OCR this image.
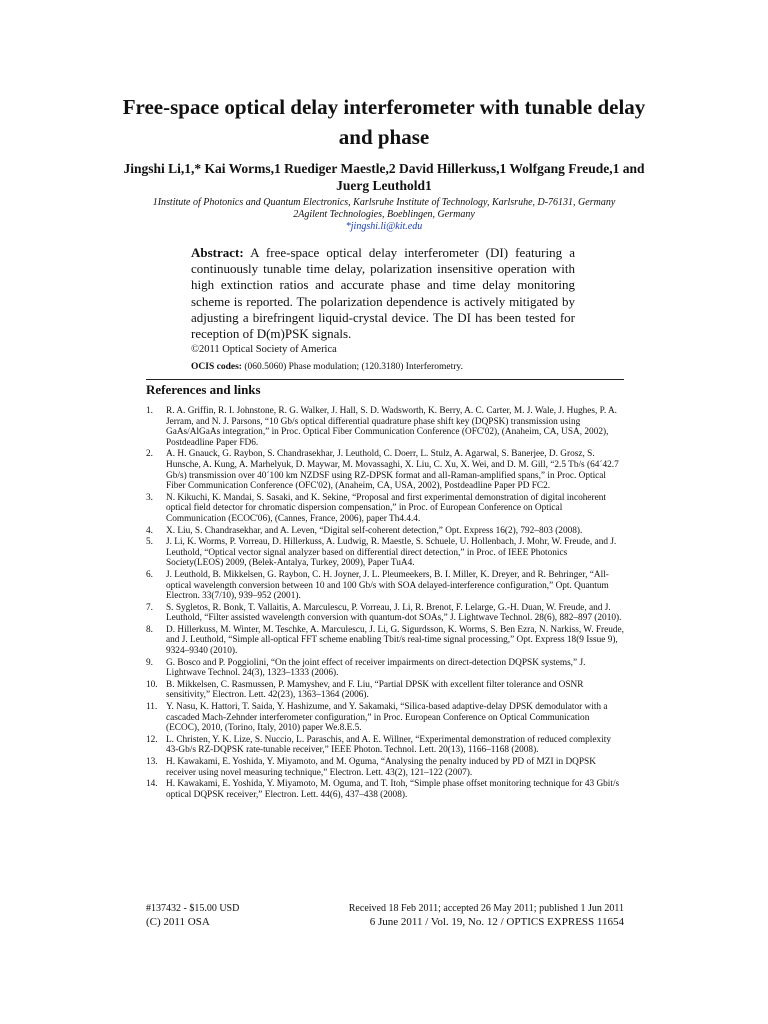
Free-space optical delay interferometer with tunable delay and phase
Jingshi Li,1,* Kai Worms,1 Ruediger Maestle,2 David Hillerkuss,1 Wolfgang Freude,1 and Juerg Leuthold1
1Institute of Photonics and Quantum Electronics, Karlsruhe Institute of Technology, Karlsruhe, D-76131, Germany
2Agilent Technologies, Boeblingen, Germany
*jingshi.li@kit.edu
Abstract: A free-space optical delay interferometer (DI) featuring a continuously tunable time delay, polarization insensitive operation with high extinction ratios and accurate phase and time delay monitoring scheme is reported. The polarization dependence is actively mitigated by adjusting a birefringent liquid-crystal device. The DI has been tested for reception of D(m)PSK signals.
©2011 Optical Society of America
OCIS codes: (060.5060) Phase modulation; (120.3180) Interferometry.
References and links
1.	R. A. Griffin, R. I. Johnstone, R. G. Walker, J. Hall, S. D. Wadsworth, K. Berry, A. C. Carter, M. J. Wale, J. Hughes, P. A. Jerram, and N. J. Parsons, “10 Gb/s optical differential quadrature phase shift key (DQPSK) transmission using GaAs/AlGaAs integration,” in Proc. Optical Fiber Communication Conference (OFC'02), (Anaheim, CA, USA, 2002), Postdeadline Paper FD6.
2.	A. H. Gnauck, G. Raybon, S. Chandrasekhar, J. Leuthold, C. Doerr, L. Stulz, A. Agarwal, S. Banerjee, D. Grosz, S. Hunsche, A. Kung, A. Marhelyuk, D. Maywar, M. Movassaghi, X. Liu, C. Xu, X. Wei, and D. M. Gill, “2.5 Tb/s (64´42.7 Gb/s) transmission over 40´100 km NZDSF using RZ-DPSK format and all-Raman-amplified spans,” in Proc. Optical Fiber Communication Conference (OFC'02), (Anaheim, CA, USA, 2002), Postdeadline Paper PD FC2.
3.	N. Kikuchi, K. Mandai, S. Sasaki, and K. Sekine, “Proposal and first experimental demonstration of digital incoherent optical field detector for chromatic dispersion compensation,” in Proc. of European Conference on Optical Communication (ECOC'06), (Cannes, France, 2006), paper Th4.4.4.
4.	X. Liu, S. Chandrasekhar, and A. Leven, “Digital self-coherent detection,” Opt. Express 16(2), 792–803 (2008).
5.	J. Li, K. Worms, P. Vorreau, D. Hillerkuss, A. Ludwig, R. Maestle, S. Schuele, U. Hollenbach, J. Mohr, W. Freude, and J. Leuthold, “Optical vector signal analyzer based on differential direct detection,” in Proc. of IEEE Photonics Society(LEOS) 2009, (Belek-Antalya, Turkey, 2009), Paper TuA4.
6.	J. Leuthold, B. Mikkelsen, G. Raybon, C. H. Joyner, J. L. Pleumeekers, B. I. Miller, K. Dreyer, and R. Behringer, “All-optical wavelength conversion between 10 and 100 Gb/s with SOA delayed-interference configuration,” Opt. Quantum Electron. 33(7/10), 939–952 (2001).
7.	S. Sygletos, R. Bonk, T. Vallaitis, A. Marculescu, P. Vorreau, J. Li, R. Brenot, F. Lelarge, G.-H. Duan, W. Freude, and J. Leuthold, “Filter assisted wavelength conversion with quantum-dot SOAs,” J. Lightwave Technol. 28(6), 882–897 (2010).
8.	D. Hillerkuss, M. Winter, M. Teschke, A. Marculescu, J. Li, G. Sigurdsson, K. Worms, S. Ben Ezra, N. Narkiss, W. Freude, and J. Leuthold, “Simple all-optical FFT scheme enabling Tbit/s real-time signal processing,” Opt. Express 18(9 Issue 9), 9324–9340 (2010).
9.	G. Bosco and P. Poggiolini, “On the joint effect of receiver impairments on direct-detection DQPSK systems,” J. Lightwave Technol. 24(3), 1323–1333 (2006).
10. B. Mikkelsen, C. Rasmussen, P. Mamyshev, and F. Liu, “Partial DPSK with excellent filter tolerance and OSNR sensitivity,” Electron. Lett. 42(23), 1363–1364 (2006).
11. Y. Nasu, K. Hattori, T. Saida, Y. Hashizume, and Y. Sakamaki, “Silica-based adaptive-delay DPSK demodulator with a cascaded Mach-Zehnder interferometer configuration,” in Proc. European Conference on Optical Communication (ECOC), 2010, (Torino, Italy, 2010) paper We.8.E.5.
12. L. Christen, Y. K. Lize, S. Nuccio, L. Paraschis, and A. E. Willner, “Experimental demonstration of reduced complexity 43-Gb/s RZ-DQPSK rate-tunable receiver,” IEEE Photon. Technol. Lett. 20(13), 1166–1168 (2008).
13. H. Kawakami, E. Yoshida, Y. Miyamoto, and M. Oguma, “Analysing the penalty induced by PD of MZI in DQPSK receiver using novel measuring technique,” Electron. Lett. 43(2), 121–122 (2007).
14. H. Kawakami, E. Yoshida, Y. Miyamoto, M. Oguma, and T. Itoh, “Simple phase offset monitoring technique for 43 Gbit/s optical DQPSK receiver,” Electron. Lett. 44(6), 437–438 (2008).
#137432 - $15.00 USD	Received 18 Feb 2011; accepted 26 May 2011; published 1 Jun 2011
(C) 2011 OSA	6 June 2011 / Vol. 19, No. 12 / OPTICS EXPRESS 11654
